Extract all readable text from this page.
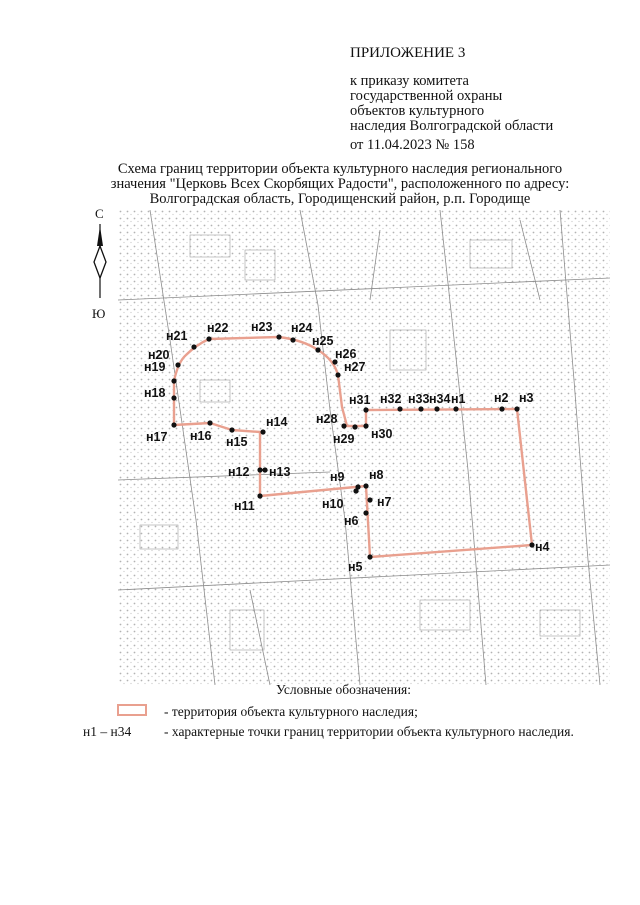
ПРИЛОЖЕНИЕ 3
к приказу комитета
государственной охраны
объектов культурного
наследия Волгоградской области
от 11.04.2023 № 158
Схема границ территории объекта культурного наследия регионального
значения "Церковь Всех Скорбящих Радости", расположенного по адресу:
Волгоградская область, Городищенский район, р.п. Городище
н1 н2 н3
н4
н5
н6
н7
н8
н9
н10
н11
н12 н13
н14
н15
н16
н17
н18
н19
н20
н21
н22 н23 н24
н25
н26
н27
н28
н29 н30
н31 н32 н33 н34
С
Ю
Условные обозначения:
- территория объекта культурного наследия;
н1 – н34 - характерные точки границ территории объекта культурного наследия.
